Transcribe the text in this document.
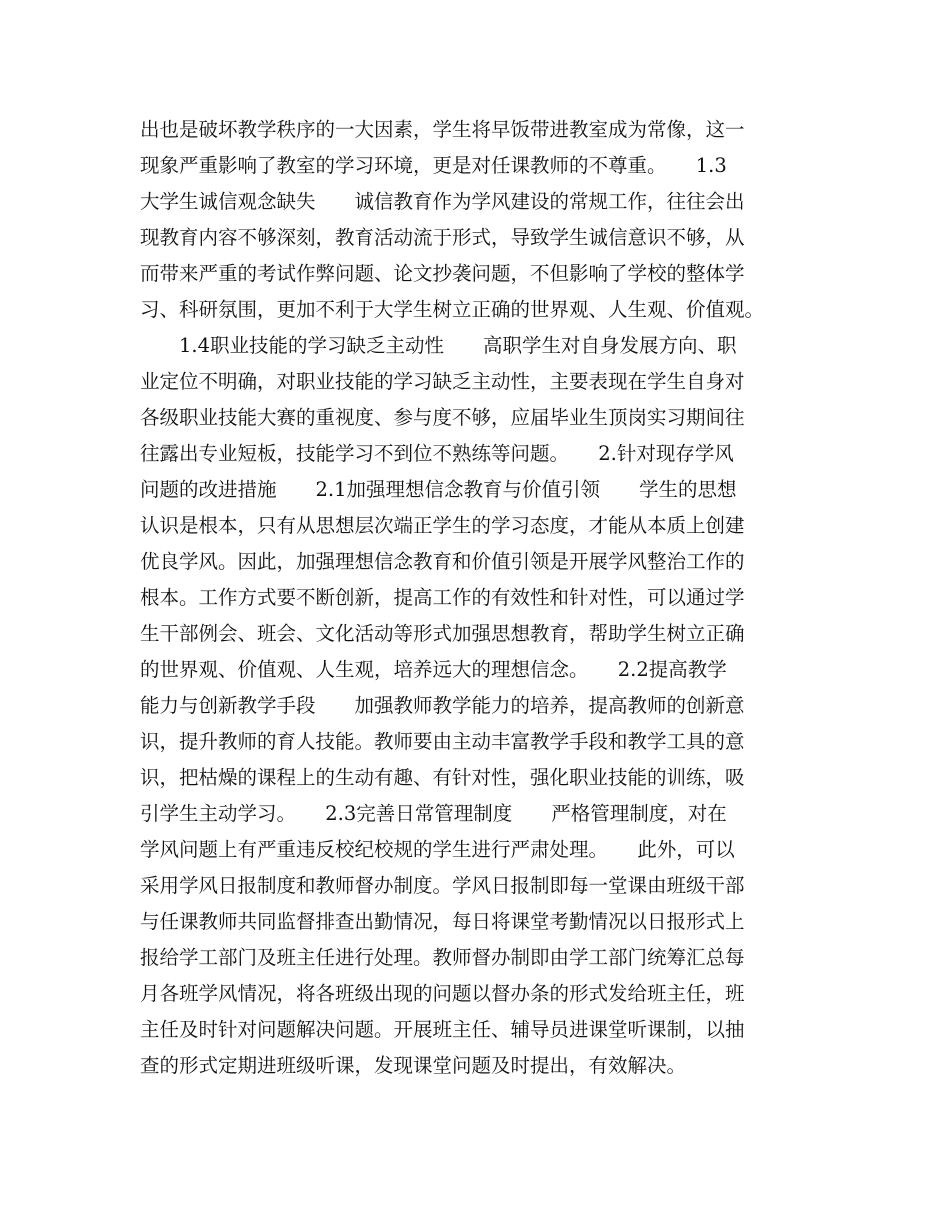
出也是破坏教学秩序的一大因素，学生将早饭带进教室成为常像，这一
现象严重影响了教室的学习环境，更是对任课教师的不尊重。　　1.3
大学生诚信观念缺失　　诚信教育作为学风建设的常规工作，往往会出
现教育内容不够深刻，教育活动流于形式，导致学生诚信意识不够，从
而带来严重的考试作弊问题、论文抄袭问题，不但影响了学校的整体学
习、科研氛围，更加不利于大学生树立正确的世界观、人生观、价值观。
　　1.4职业技能的学习缺乏主动性　　高职学生对自身发展方向、职
业定位不明确，对职业技能的学习缺乏主动性，主要表现在学生自身对
各级职业技能大赛的重视度、参与度不够，应届毕业生顶岗实习期间往
往露出专业短板，技能学习不到位不熟练等问题。　　2.针对现存学风
问题的改进措施　　2.1加强理想信念教育与价值引领　　学生的思想
认识是根本，只有从思想层次端正学生的学习态度，才能从本质上创建
优良学风。因此，加强理想信念教育和价值引领是开展学风整治工作的
根本。工作方式要不断创新，提高工作的有效性和针对性，可以通过学
生干部例会、班会、文化活动等形式加强思想教育，帮助学生树立正确
的世界观、价值观、人生观，培养远大的理想信念。　　2.2提高教学
能力与创新教学手段　　加强教师教学能力的培养，提高教师的创新意
识，提升教师的育人技能。教师要由主动丰富教学手段和教学工具的意
识，把枯燥的课程上的生动有趣、有针对性，强化职业技能的训练，吸
引学生主动学习。　　2.3完善日常管理制度　　严格管理制度，对在
学风问题上有严重违反校纪校规的学生进行严肃处理。　　此外，可以
采用学风日报制度和教师督办制度。学风日报制即每一堂课由班级干部
与任课教师共同监督排查出勤情况，每日将课堂考勤情况以日报形式上
报给学工部门及班主任进行处理。教师督办制即由学工部门统筹汇总每
月各班学风情况，将各班级出现的问题以督办条的形式发给班主任，班
主任及时针对问题解决问题。开展班主任、辅导员进课堂听课制，以抽
查的形式定期进班级听课，发现课堂问题及时提出，有效解决。
